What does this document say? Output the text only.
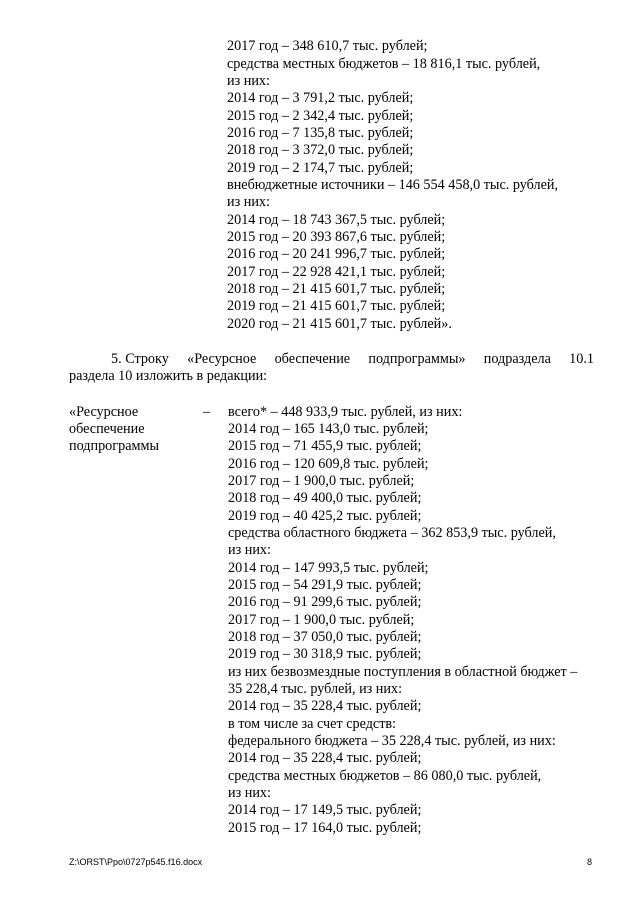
2017 год – 348 610,7 тыс. рублей;
средства местных бюджетов – 18 816,1 тыс. рублей,
из них:
2014 год – 3 791,2 тыс. рублей;
2015 год – 2 342,4 тыс. рублей;
2016 год – 7 135,8 тыс. рублей;
2018 год – 3 372,0 тыс. рублей;
2019 год – 2 174,7 тыс. рублей;
внебюджетные источники – 146 554 458,0 тыс. рублей,
из них:
2014 год – 18 743 367,5 тыс. рублей;
2015 год – 20 393 867,6 тыс. рублей;
2016 год – 20 241 996,7 тыс. рублей;
2017 год – 22 928 421,1 тыс. рублей;
2018 год – 21 415 601,7 тыс. рублей;
2019 год – 21 415 601,7 тыс. рублей;
2020 год – 21 415 601,7 тыс. рублей».
5. Строку «Ресурсное обеспечение подпрограммы» подраздела 10.1
раздела 10 изложить в редакции:
«Ресурсное
обеспечение
подпрограммы
– всего* – 448 933,9 тыс. рублей, из них:
2014 год – 165 143,0 тыс. рублей;
2015 год – 71 455,9 тыс. рублей;
2016 год – 120 609,8 тыс. рублей;
2017 год – 1 900,0 тыс. рублей;
2018 год – 49 400,0 тыс. рублей;
2019 год – 40 425,2 тыс. рублей;
средства областного бюджета – 362 853,9 тыс. рублей,
из них:
2014 год – 147 993,5 тыс. рублей;
2015 год – 54 291,9 тыс. рублей;
2016 год – 91 299,6 тыс. рублей;
2017 год – 1 900,0 тыс. рублей;
2018 год – 37 050,0 тыс. рублей;
2019 год – 30 318,9 тыс. рублей;
из них безвозмездные поступления в областной бюджет –
35 228,4 тыс. рублей, из них:
2014 год – 35 228,4 тыс. рублей;
в том числе за счет средств:
федерального бюджета – 35 228,4 тыс. рублей, из них:
2014 год – 35 228,4 тыс. рублей;
средства местных бюджетов – 86 080,0 тыс. рублей,
из них:
2014 год – 17 149,5 тыс. рублей;
2015 год – 17 164,0 тыс. рублей;
Z:\ORST\Ppo\0727p545.f16.docx	8
